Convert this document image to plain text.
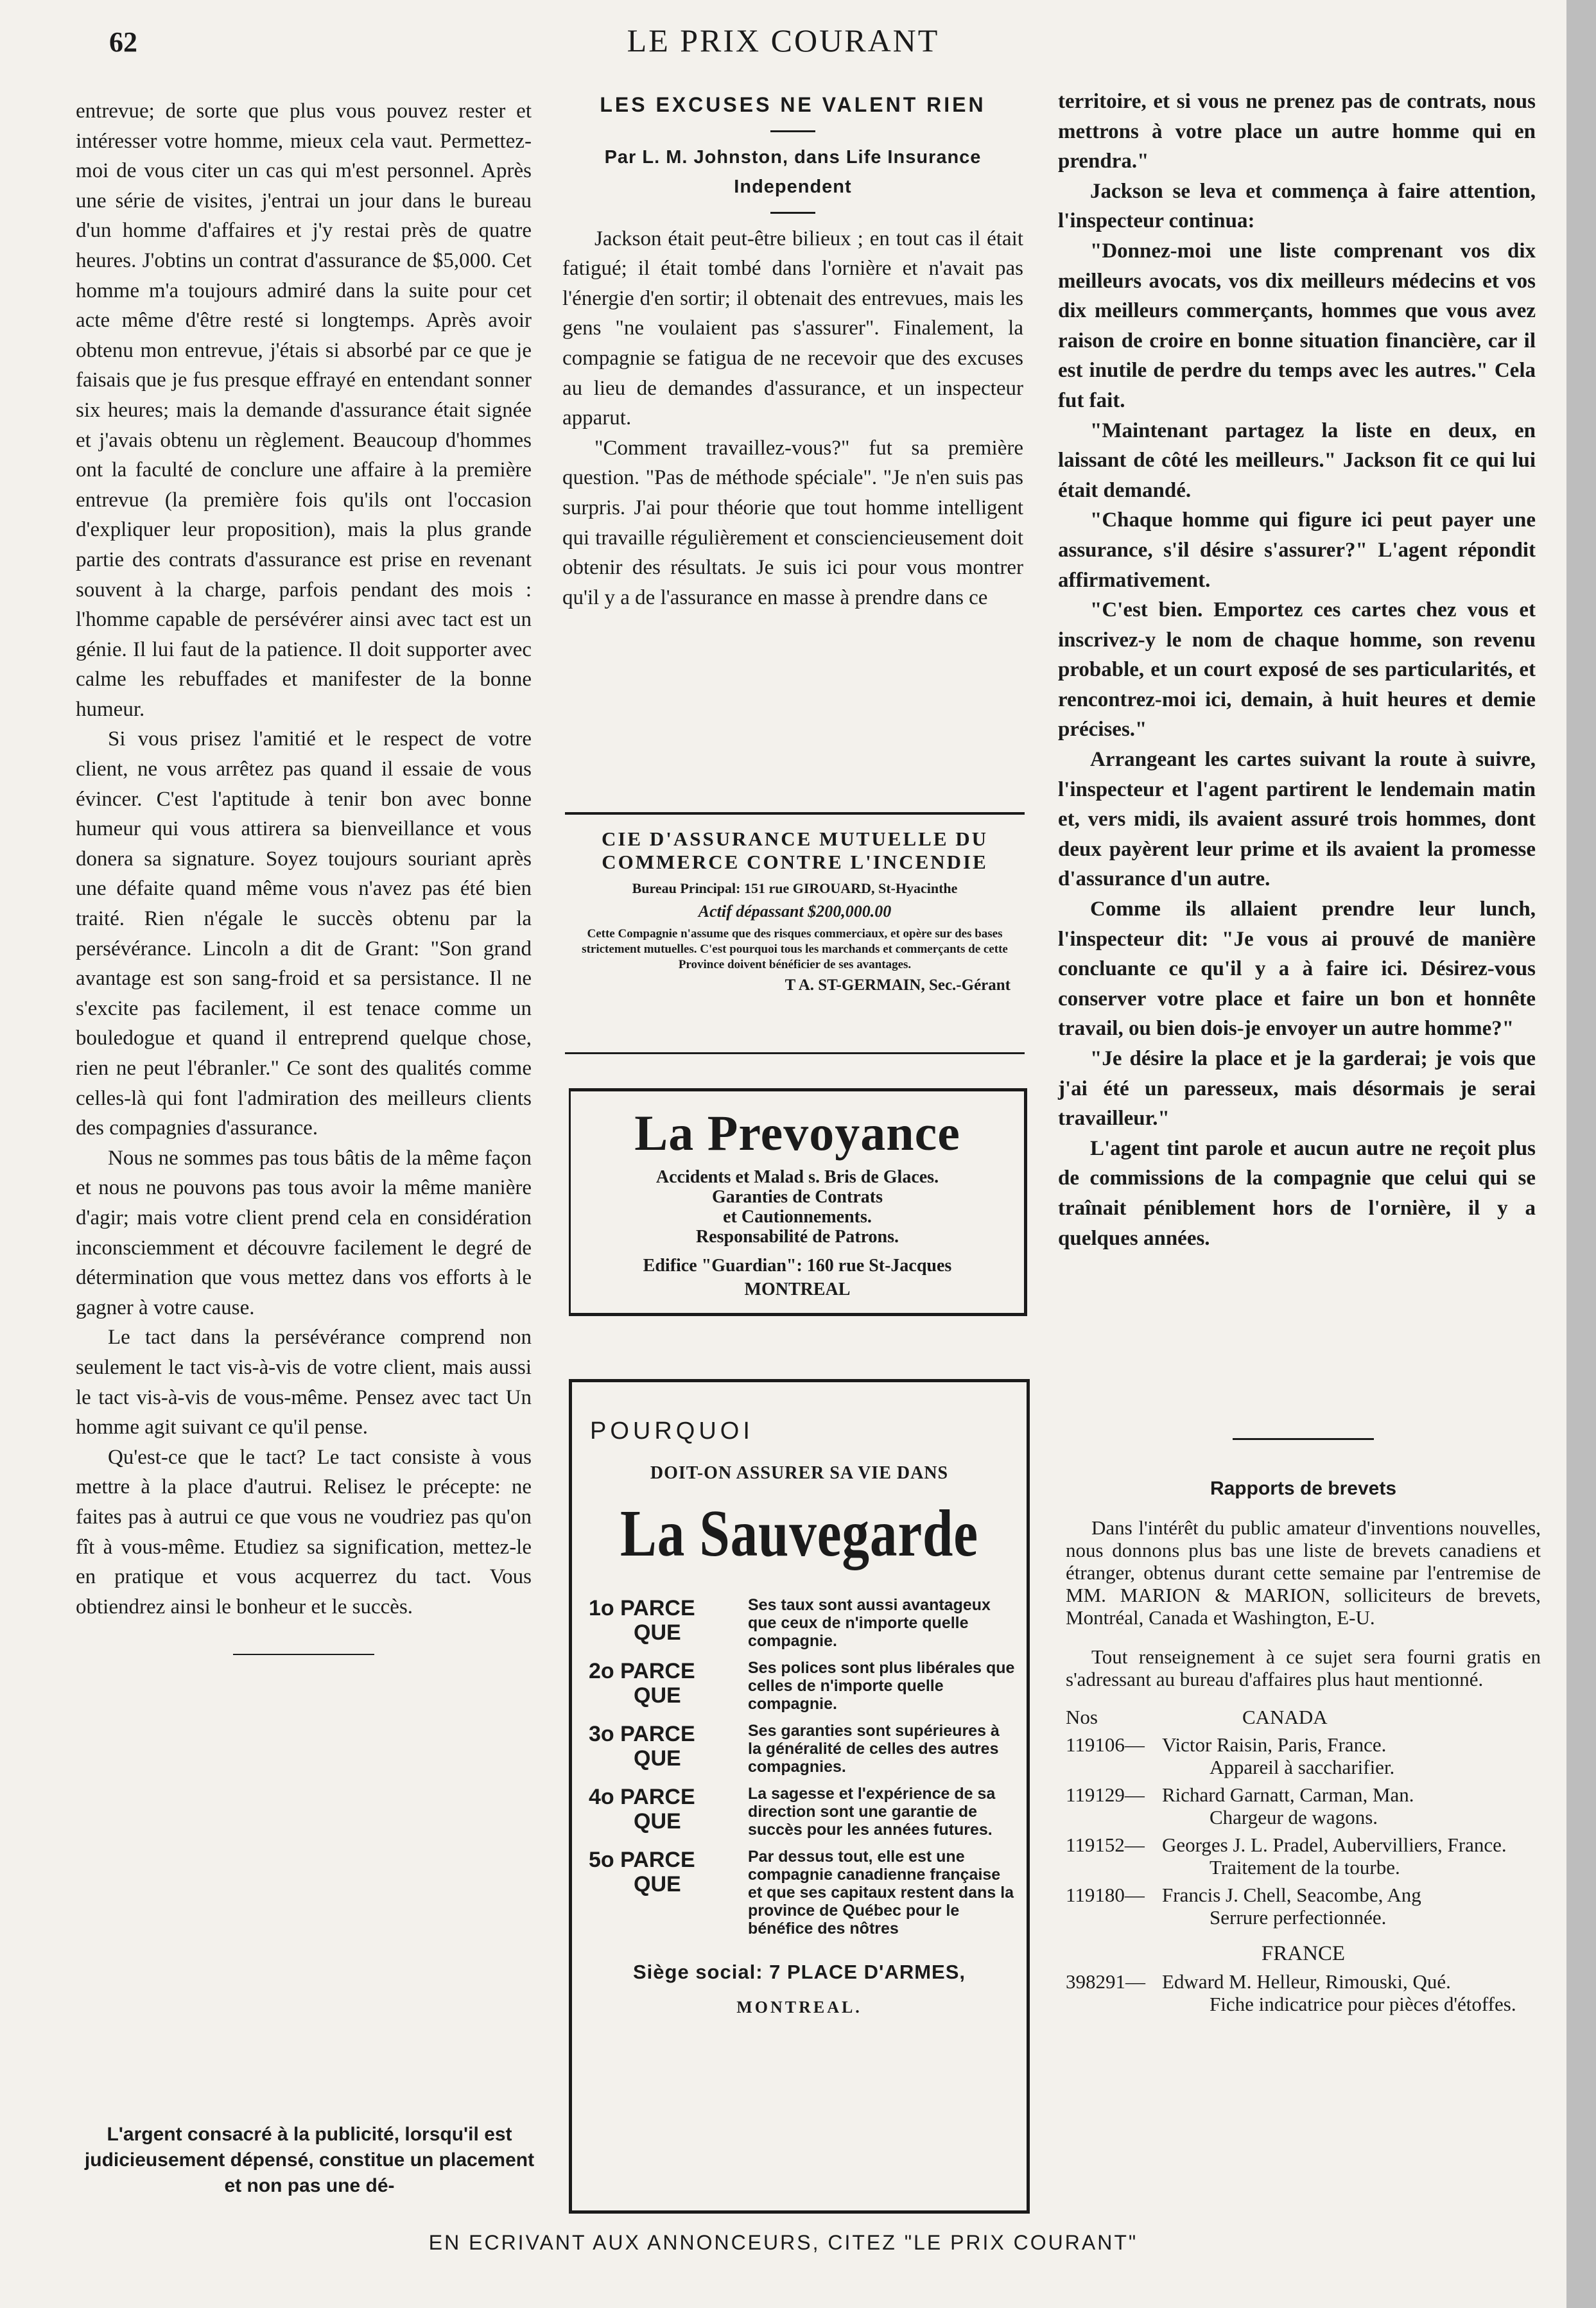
62	LE PRIX COURANT

entrevue; de sorte que plus vous pouvez rester et intéresser votre homme, mieux cela vaut. Permettez-moi de vous citer un cas qui m'est personnel. Après une série de visites, j'entrai un jour dans le bureau d'un homme d'affaires et j'y restai près de quatre heures. J'obtins un contrat d'assurance de $5,000. Cet homme m'a toujours admiré dans la suite pour cet acte même d'être resté si longtemps. Après avoir obtenu mon entrevue, j'étais si absorbé par ce que je faisais que je fus presque effrayé en entendant sonner six heures; mais la demande d'assurance était signée et j'avais obtenu un règlement. Beaucoup d'hommes ont la faculté de conclure une affaire à la première entrevue (la première fois qu'ils ont l'occasion d'expliquer leur proposition), mais la plus grande partie des contrats d'assurance est prise en revenant souvent à la charge, parfois pendant des mois : l'homme capable de persévérer ainsi avec tact est un génie. Il lui faut de la patience. Il doit supporter avec calme les rebuffades et manifester de la bonne humeur.

Si vous prisez l'amitié et le respect de votre client, ne vous arrêtez pas quand il essaie de vous évincer. C'est l'aptitude à tenir bon avec bonne humeur qui vous attirera sa bienveillance et vous donera sa signature. Soyez toujours souriant après une défaite quand même vous n'avez pas été bien traité. Rien n'égale le succès obtenu par la persévérance. Lincoln a dit de Grant: "Son grand avantage est son sang-froid et sa persistance. Il ne s'excite pas facilement, il est tenace comme un bouledogue et quand il entreprend quelque chose, rien ne peut l'ébranler." Ce sont des qualités comme celles-là qui font l'admiration des meilleurs clients des compagnies d'assurance.

Nous ne sommes pas tous bâtis de la même façon et nous ne pouvons pas tous avoir la même manière d'agir; mais votre client prend cela en considération inconsciemment et découvre facilement le degré de détermination que vous mettez dans vos efforts à le gagner à votre cause.

Le tact dans la persévérance comprend non seulement le tact vis-à-vis de votre client, mais aussi le tact vis-à-vis de vous-même. Pensez avec tact Un homme agit suivant ce qu'il pense.

Qu'est-ce que le tact? Le tact consiste à vous mettre à la place d'autrui. Relisez le précepte: ne faites pas à autrui ce que vous ne voudriez pas qu'on fît à vous-même. Etudiez sa signification, mettez-le en pratique et vous acquerrez du tact. Vous obtiendrez ainsi le bonheur et le succès.

L'argent consacré à la publicité, lorsqu'il est judicieusement dépensé, constitue un placement et non pas une dé-
LES EXCUSES NE VALENT RIEN
Par L. M. Johnston, dans Life Insurance Independent

Jackson était peut-être bilieux ; en tout cas il était fatigué; il était tombé dans l'ornière et n'avait pas l'énergie d'en sortir; il obtenait des entrevues, mais les gens "ne voulaient pas s'assurer". Finalement, la compagnie se fatigua de ne recevoir que des excuses au lieu de demandes d'assurance, et un inspecteur apparut.

"Comment travaillez-vous?" fut sa première question. "Pas de méthode spéciale". "Je n'en suis pas surpris. J'ai pour théorie que tout homme intelligent qui travaille régulièrement et consciencieusement doit obtenir des résultats. Je suis ici pour vous montrer qu'il y a de l'assurance en masse à prendre dans ce

CIE D'ASSURANCE MUTUELLE DU
COMMERCE CONTRE L'INCENDIE
Bureau Principal: 151 rue GIROUARD, St-Hyacinthe
Actif dépassant $200,000.00
Cette Compagnie n'assume que des risques commerciaux, et opère sur des bases strictement mutuelles. C'est pourquoi tous les marchands et commerçants de cette Province doivent bénéficier de ses avantages.
T A. ST-GERMAIN, Sec.-Gérant
La Prevoyance
Accidents et Malad s. Bris de Glaces.
Garanties de Contrats
et Cautionnements.
Responsabilité de Patrons.
Edifice "Guardian": 160 rue St-Jacques
MONTREAL
POURQUOI
DOIT-ON ASSURER SA VIE DANS
La Sauvegarde
1o PARCE
QUE
Ses taux sont aussi avantageux que ceux de n'importe quelle compagnie.
2o PARCE
QUE
Ses polices sont plus libérales que celles de n'importe quelle compagnie.
3o PARCE
QUE
Ses garanties sont supérieures à la généralité de celles des autres compagnies.
4o PARCE
QUE
La sagesse et l'expérience de sa direction sont une garantie de succès pour les années futures.
5o PARCE
QUE
Par dessus tout, elle est une compagnie canadienne française et que ses capitaux restent dans la province de Québec pour le bénéfice des nôtres
Siège social: 7 PLACE D'ARMES,
MONTREAL.

territoire, et si vous ne prenez pas de contrats, nous mettrons à votre place un autre homme qui en prendra."

Jackson se leva et commença à faire attention, l'inspecteur continua:

"Donnez-moi une liste comprenant vos dix meilleurs avocats, vos dix meilleurs médecins et vos dix meilleurs commerçants, hommes que vous avez raison de croire en bonne situation financière, car il est inutile de perdre du temps avec les autres." Cela fut fait.

"Maintenant partagez la liste en deux, en laissant de côté les meilleurs." Jackson fit ce qui lui était demandé.

"Chaque homme qui figure ici peut payer une assurance, s'il désire s'assurer?" L'agent répondit affirmativement.

"C'est bien. Emportez ces cartes chez vous et inscrivez-y le nom de chaque homme, son revenu probable, et un court exposé de ses particularités, et rencontrez-moi ici, demain, à huit heures et demie précises."

Arrangeant les cartes suivant la route à suivre, l'inspecteur et l'agent partirent le lendemain matin et, vers midi, ils avaient assuré trois hommes, dont deux payèrent leur prime et ils avaient la promesse d'assurance d'un autre.

Comme ils allaient prendre leur lunch, l'inspecteur dit: "Je vous ai prouvé de manière concluante ce qu'il y a à faire ici. Désirez-vous conserver votre place et faire un bon et honnête travail, ou bien dois-je envoyer un autre homme?"

"Je désire la place et je la garderai; je vois que j'ai été un paresseux, mais désormais je serai travailleur."

L'agent tint parole et aucun autre ne reçoit plus de commissions de la compagnie que celui qui se traînait péniblement hors de l'ornière, il y a quelques années.

Rapports de brevets

Dans l'intérêt du public amateur d'inventions nouvelles, nous donnons plus bas une liste de brevets canadiens et étranger, obtenus durant cette semaine par l'entremise de MM. MARION & MARION, solliciteurs de brevets, Montréal, Canada et Washington, E-U.

Tout renseignement à ce sujet sera fourni gratis en s'adressant au bureau d'affaires plus haut mentionné.

Nos	CANADA
119106— Victor Raisin, Paris, France.
Appareil à saccharifier.
119129— Richard Garnatt, Carman, Man.
Chargeur de wagons.
119152— Georges J. L. Pradel, Aubervilliers, France.
Traitement de la tourbe.
119180— Francis J. Chell, Seacombe, Ang
Serrure perfectionnée.
FRANCE
398291— Edward M. Helleur, Rimouski, Qué.
Fiche indicatrice pour pièces d'étoffes.
EN ECRIVANT AUX ANNONCEURS, CITEZ "LE PRIX COURANT"
